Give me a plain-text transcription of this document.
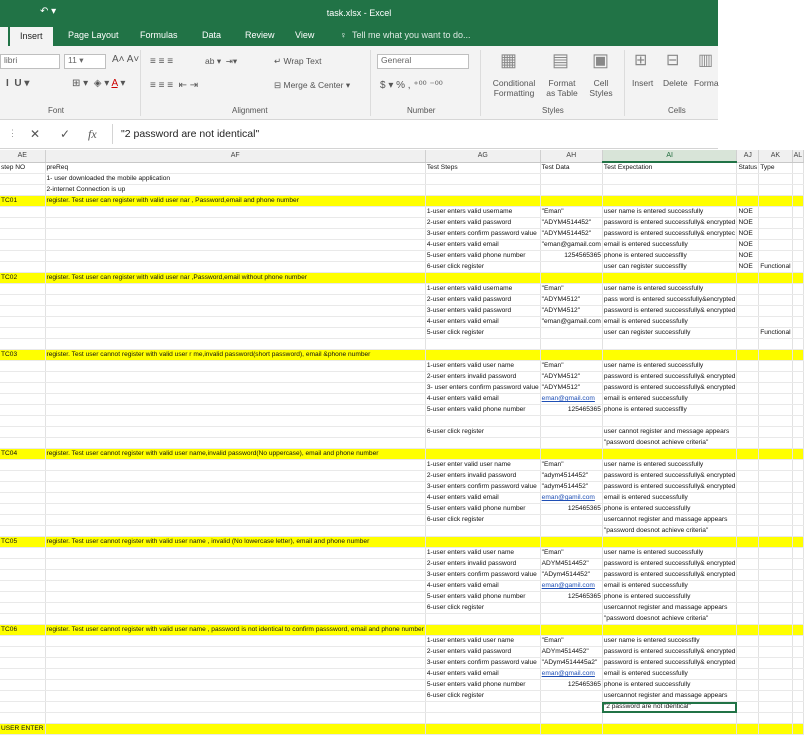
↶ ▾	task.xlsx - Excel
Insert	Page Layout Formulas	Data	Review View	♀ Tell me what you want to do...
libri	11 ▾	A˄ A˅
I  U ▾	⊞ ▾  ◈ ▾ A ▾
≡ ≡ ≡	ab ▾  ⇥▾
≡ ≡ ≡  ⇤ ⇥
↵ Wrap Text
⊟ Merge & Center ▾
General
$ ▾ % , ⁺⁰⁰ ⁻⁰⁰
▦
Conditional Formatting
▤
Format as Table
▣
Cell Styles
⊞
Insert
⊟
Delete
▥
Forma
Font	Alignment	Number	Styles	Cells
⋮ ✕ ✓ fx	"2 password are not identical"
AE	AF	AG	AH	AI	AJ	AK	AL
step NO	preReq	Test Steps	Test Data	Test Expectation	Status	Type	
	1- user downloaded the mobile application						
	2-internet Connection is up						
TC01	register. Test user can register with valid user nar , Password,email and phone number						
		1-user enters valid username	"Eman"	user name is entered successfully	NOE		
		2-user enters valid password	"ADYM4514452"	password is entered successfully& encrypted	NOE		
		3-user enters confirm password value	"ADYM4514452"	password is entered successfully& encryptec	NOE		
		4-user enters valid email	"eman@gamail.com	email is entered successfully	NOE		
		5-user enters valid phone number	1254565365	phone is entered successflly	NOE		
		6-user click register		user can register successflly	NOE	Functional	
TC02	register. Test user can register with valid user nar ,Password,email without phone number						
		1-user enters valid username	"Eman"	user name is entered successfully			
		2-user enters valid password	"ADYM4512"	pass word is entered successfully&encrypted			
		3-user enters valid password	"ADYM4512"	password is entered successfully& encrypted			
		4-user enters valid email	"eman@gamail.com	email is entered successfully			
		5-user click register		user can register successfully		Functional	

TC03	register. Test user cannot register with valid user r me,invalid password(short password), email &phone number						
		1-user enters valid user name	"Eman"	user name is entered successfully			
		2-user enters invalid password	"ADYM4512"	password is entered successfully& encrypted			
		3- user enters confirm password value	"ADYM4512"	password is entered successfully& encrypted			
		4-user enters valid email	eman@gmail.com	email is entered successfully			
		5-user enters valid phone number	125465365	phone is entered successflly			

		6-user click register		user cannot register and message appears			
				"password doesnot achieve criteria"			
TC04	register. Test user cannot register with valid user name,invalid password(No uppercase), email and phone number						
		1-user enter valid user name	"Eman"	user name is entered successfully			
		2-user enters invalid password	"adym4514452"	password is entered successfully& encrypted			
		3-user enters confirm password value	"adym4514452"	password is entered successfully& encrypted			
		4-user enters valid email	eman@gamil.com	email is entered successfully			
		5-user enters valid phone number	125465365	phone is entered successfully			
		6-user click register		usercannot register and massage appears			
				"password doesnot achieve criteria"			
TC05	register. Test user cannot register with valid user name , invalid (No lowercase letter), email and phone number						
		1-user enters valid user name	"Eman"	user name is entered successfully			
		2-user enters invalid password	ADYM4514452"	password is entered successfully& encrypted			
		3-user enters confirm password value	"ADym4514452"	password is entered successfully& encrypted			
		4-user enters valid email	eman@gamil.com	email is entered successfully			
		5-user enters valid phone number	125465365	phone is entered successfully			
		6-user click register		usercannot register and massage appears			
				"password doesnot achieve criteria"			
TC06	register. Test user cannot register with valid user name , password is not identical to confirm passsword, email and phone number						
		1-user enters valid user name	"Eman"	user name is entered successflly			
		2-user enters valid password	ADYm4514452"	password is entered successfully& encrypted			
		3-user enters confirm password value	"ADym4514445a2"	password is entered successfully& encrypted			
		4-user enters valid email	eman@gmail.com	email is entered successfully			
		5-user enters valid phone number	125465365	phone is entered successfully			
		6-user click register		usercannot register and massage appears			
				"2 password are not identical"			

USER ENTER							
